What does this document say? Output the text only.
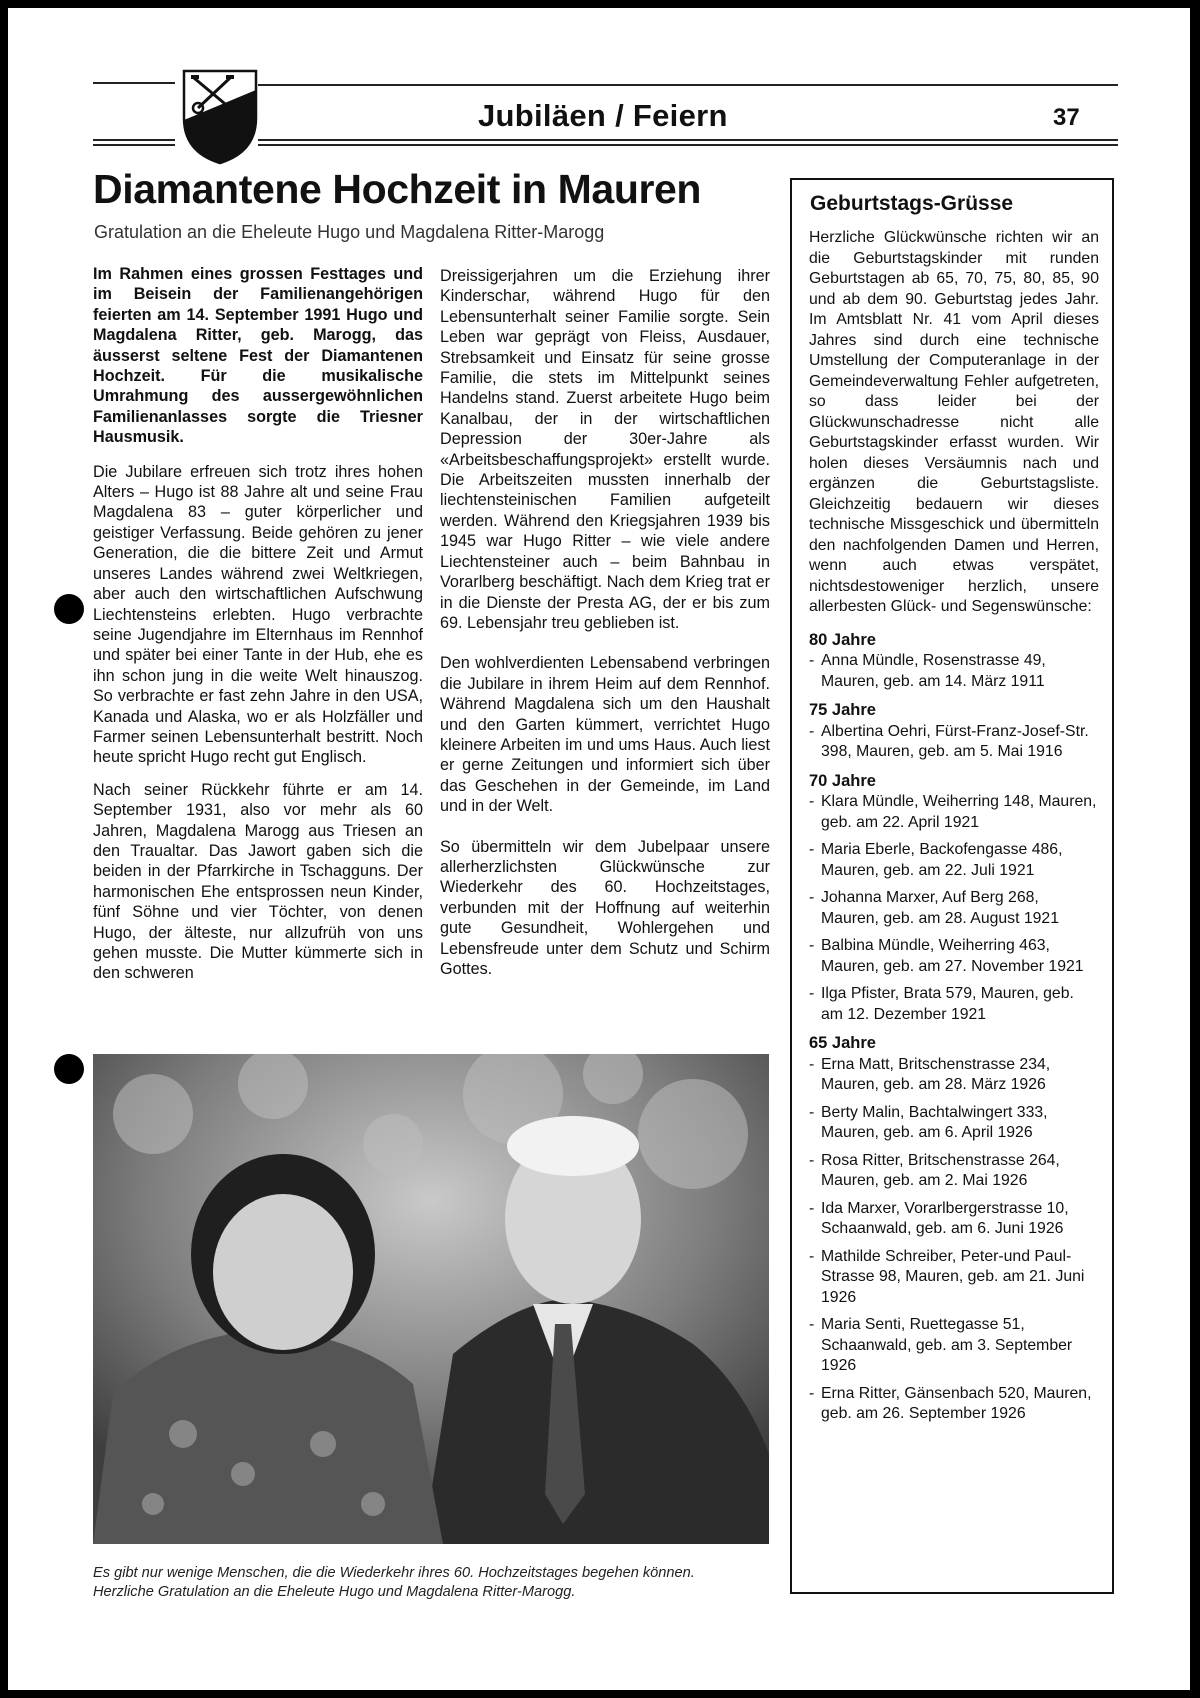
Jubiläen / Feiern	37
Diamantene Hochzeit in Mauren

Gratulation an die Eheleute Hugo und Magdalena Ritter-Marogg

Im Rahmen eines grossen Festtages und im Beisein der Familienangehörigen feierten am 14. September 1991 Hugo und Magdalena Ritter, geb. Marogg, das äusserst seltene Fest der Diamantenen Hochzeit. Für die musikalische Umrahmung des aussergewöhnlichen Familienanlasses sorgte die Triesner Hausmusik.

Die Jubilare erfreuen sich trotz ihres hohen Alters – Hugo ist 88 Jahre alt und seine Frau Magdalena 83 – guter körperlicher und geistiger Verfassung. Beide gehören zu jener Generation, die die bittere Zeit und Armut unseres Landes während zwei Weltkriegen, aber auch den wirtschaftlichen Aufschwung Liechtensteins erlebten. Hugo verbrachte seine Jugendjahre im Elternhaus im Rennhof und später bei einer Tante in der Hub, ehe es ihn schon jung in die weite Welt hinauszog. So verbrachte er fast zehn Jahre in den USA, Kanada und Alaska, wo er als Holzfäller und Farmer seinen Lebensunterhalt bestritt. Noch heute spricht Hugo recht gut Englisch.

Nach seiner Rückkehr führte er am 14. September 1931, also vor mehr als 60 Jahren, Magdalena Marogg aus Triesen an den Traualtar. Das Jawort gaben sich die beiden in der Pfarrkirche in Tschagguns. Der harmonischen Ehe entsprossen neun Kinder, fünf Söhne und vier Töchter, von denen Hugo, der älteste, nur allzufrüh von uns gehen musste. Die Mutter kümmerte sich in den schweren

Dreissigerjahren um die Erziehung ihrer Kinderschar, während Hugo für den Lebensunterhalt seiner Familie sorgte. Sein Leben war geprägt von Fleiss, Ausdauer, Strebsamkeit und Einsatz für seine grosse Familie, die stets im Mittelpunkt seines Handelns stand. Zuerst arbeitete Hugo beim Kanalbau, der in der wirtschaftlichen Depression der 30er-Jahre als «Arbeitsbeschaffungsprojekt» erstellt wurde. Die Arbeitszeiten mussten innerhalb der liechtensteinischen Familien aufgeteilt werden. Während den Kriegsjahren 1939 bis 1945 war Hugo Ritter – wie viele andere Liechtensteiner auch – beim Bahnbau in Vorarlberg beschäftigt. Nach dem Krieg trat er in die Dienste der Presta AG, der er bis zum 69. Lebensjahr treu geblieben ist.

Den wohlverdienten Lebensabend verbringen die Jubilare in ihrem Heim auf dem Rennhof. Während Magdalena sich um den Haushalt und den Garten kümmert, verrichtet Hugo kleinere Arbeiten im und ums Haus. Auch liest er gerne Zeitungen und informiert sich über das Geschehen in der Gemeinde, im Land und in der Welt.

So übermitteln wir dem Jubelpaar unsere allerherzlichsten Glückwünsche zur Wiederkehr des 60. Hochzeitstages, verbunden mit der Hoffnung auf weiterhin gute Gesundheit, Wohlergehen und Lebensfreude unter dem Schutz und Schirm Gottes.

Es gibt nur wenige Menschen, die die Wiederkehr ihres 60. Hochzeitstages begehen können.
Herzliche Gratulation an die Eheleute Hugo und Magdalena Ritter-Marogg.

Geburtstags-Grüsse

Herzliche Glückwünsche richten wir an die Geburtstagskinder mit runden Geburtstagen ab 65, 70, 75, 80, 85, 90 und ab dem 90. Geburtstag jedes Jahr. Im Amtsblatt Nr. 41 vom April dieses Jahres sind durch eine technische Umstellung der Computeranlage in der Gemeindeverwaltung Fehler aufgetreten, so dass leider bei der Glückwunschadresse nicht alle Geburtstagskinder erfasst wurden. Wir holen dieses Versäumnis nach und ergänzen die Geburtstagsliste. Gleichzeitig bedauern wir dieses technische Missgeschick und übermitteln den nachfolgenden Damen und Herren, wenn auch etwas verspätet, nichtsdestoweniger herzlich, unsere allerbesten Glück- und Segenswünsche:

80 Jahre
- Anna Mündle, Rosenstrasse 49, Mauren, geb. am 14. März 1911
75 Jahre
- Albertina Oehri, Fürst-Franz-Josef-Str. 398, Mauren, geb. am 5. Mai 1916
70 Jahre
- Klara Mündle, Weiherring 148, Mauren, geb. am 22. April 1921
- Maria Eberle, Backofengasse 486, Mauren, geb. am 22. Juli 1921
- Johanna Marxer, Auf Berg 268, Mauren, geb. am 28. August 1921
- Balbina Mündle, Weiherring 463, Mauren, geb. am 27. November 1921
- Ilga Pfister, Brata 579, Mauren, geb. am 12. Dezember 1921
65 Jahre
- Erna Matt, Britschenstrasse 234, Mauren, geb. am 28. März 1926
- Berty Malin, Bachtalwingert 333, Mauren, geb. am 6. April 1926
- Rosa Ritter, Britschenstrasse 264, Mauren, geb. am 2. Mai 1926
- Ida Marxer, Vorarlbergerstrasse 10, Schaanwald, geb. am 6. Juni 1926
- Mathilde Schreiber, Peter-und Paul-Strasse 98, Mauren, geb. am 21. Juni 1926
- Maria Senti, Ruettegasse 51, Schaanwald, geb. am 3. September 1926
- Erna Ritter, Gänsenbach 520, Mauren, geb. am 26. September 1926
